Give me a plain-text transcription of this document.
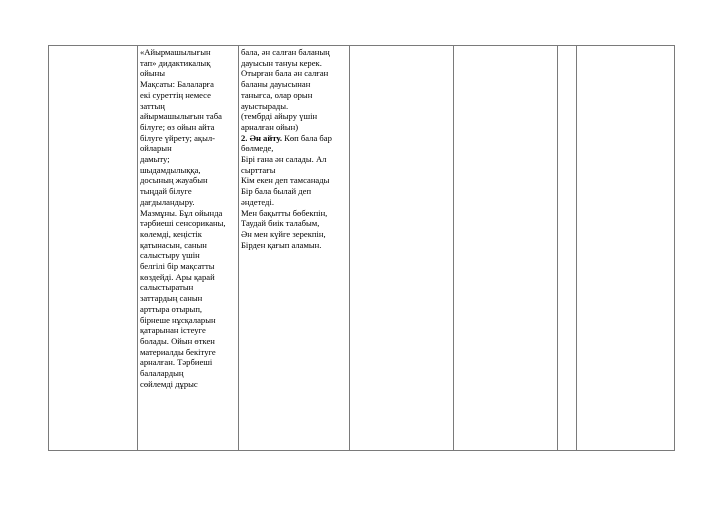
«Айырмашылығын
тап» дидактикалық
ойыны
Мақсаты: Балаларға
екі суреттің немесе
заттың
айырмашылығын таба
білуге; өз ойын айта
білуге үйрету; ақыл-
ойларын
дамыту;
шыдамдылыққа,
досының жауабын
тыңдай білуге
дағдыландыру.
Мазмұны. Бұл ойында
тәрбиеші сенсориканы,
көлемді, кеңістік
қатынасын, санын
салыстыру үшін
белгілі бір мақсатты
көздейді. Ары қарай
салыстыратын
заттардың санын
арттыра отырып,
бірнеше нұсқаларын
қатарынан істеуге
болады. Ойын өткен
материалды бекітуге
арналған. Тәрбиеші
балалардың
сөйлемді дұрыс

бала, ән салған баланың
дауысын тануы керек.
Отырған бала ән салған
баланы дауысынан
танығса, олар орын
ауыстырады.
(тембрді айыру үшін
арналған ойын)
2. Ән айту. Көп бала бар
бөлмеде,
Бірі ғана ән салады. Ал
сырттағы
Кім екен деп тамсанады
Бір бала былай деп
әндетеді.
Мен бақытты бөбекпін,
Таудай биік талабым,
Ән мен күйге зерекпін,
Бірден қағып аламын.
